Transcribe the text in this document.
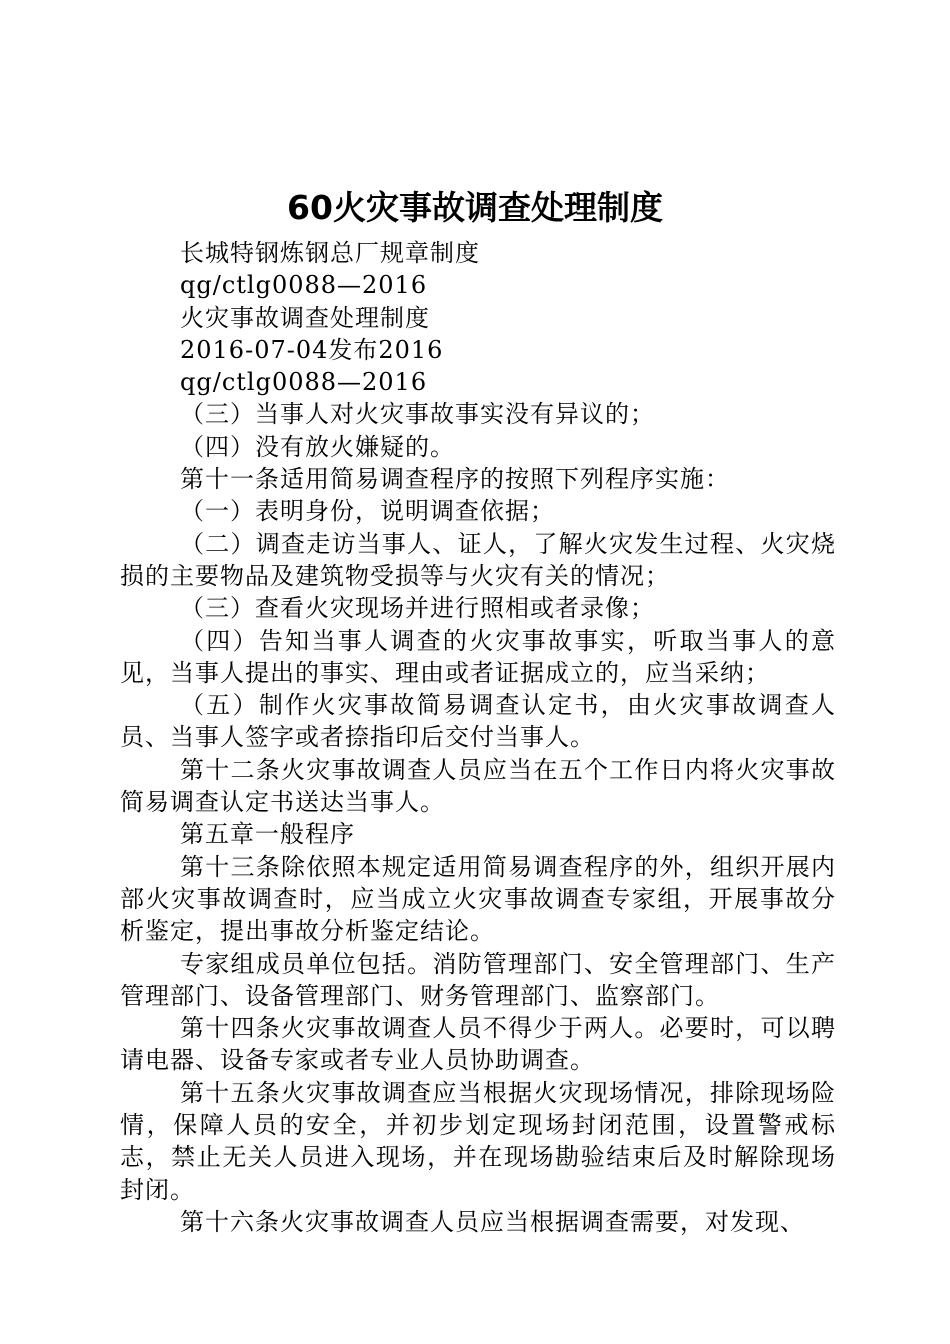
60火灾事故调查处理制度

长城特钢炼钢总厂规章制度

qg/ctlg0088—2016

火灾事故调查处理制度

2016-07-04发布2016

qg/ctlg0088—2016

（三）当事人对火灾事故事实没有异议的；

（四）没有放火嫌疑的。

第十一条适用简易调查程序的按照下列程序实施：

（一）表明身份，说明调查依据；

（二）调查走访当事人、证人，了解火灾发生过程、火灾烧损的主要物品及建筑物受损等与火灾有关的情况；

（三）查看火灾现场并进行照相或者录像；

（四）告知当事人调查的火灾事故事实，听取当事人的意见，当事人提出的事实、理由或者证据成立的，应当采纳；

（五）制作火灾事故简易调查认定书，由火灾事故调查人员、当事人签字或者捺指印后交付当事人。

第十二条火灾事故调查人员应当在五个工作日内将火灾事故简易调查认定书送达当事人。

第五章一般程序

第十三条除依照本规定适用简易调查程序的外，组织开展内部火灾事故调查时，应当成立火灾事故调查专家组，开展事故分析鉴定，提出事故分析鉴定结论。

专家组成员单位包括。消防管理部门、安全管理部门、生产管理部门、设备管理部门、财务管理部门、监察部门。

第十四条火灾事故调查人员不得少于两人。必要时，可以聘请电器、设备专家或者专业人员协助调查。

第十五条火灾事故调查应当根据火灾现场情况，排除现场险情，保障人员的安全，并初步划定现场封闭范围，设置警戒标志，禁止无关人员进入现场，并在现场勘验结束后及时解除现场封闭。

第十六条火灾事故调查人员应当根据调查需要，对发现、
